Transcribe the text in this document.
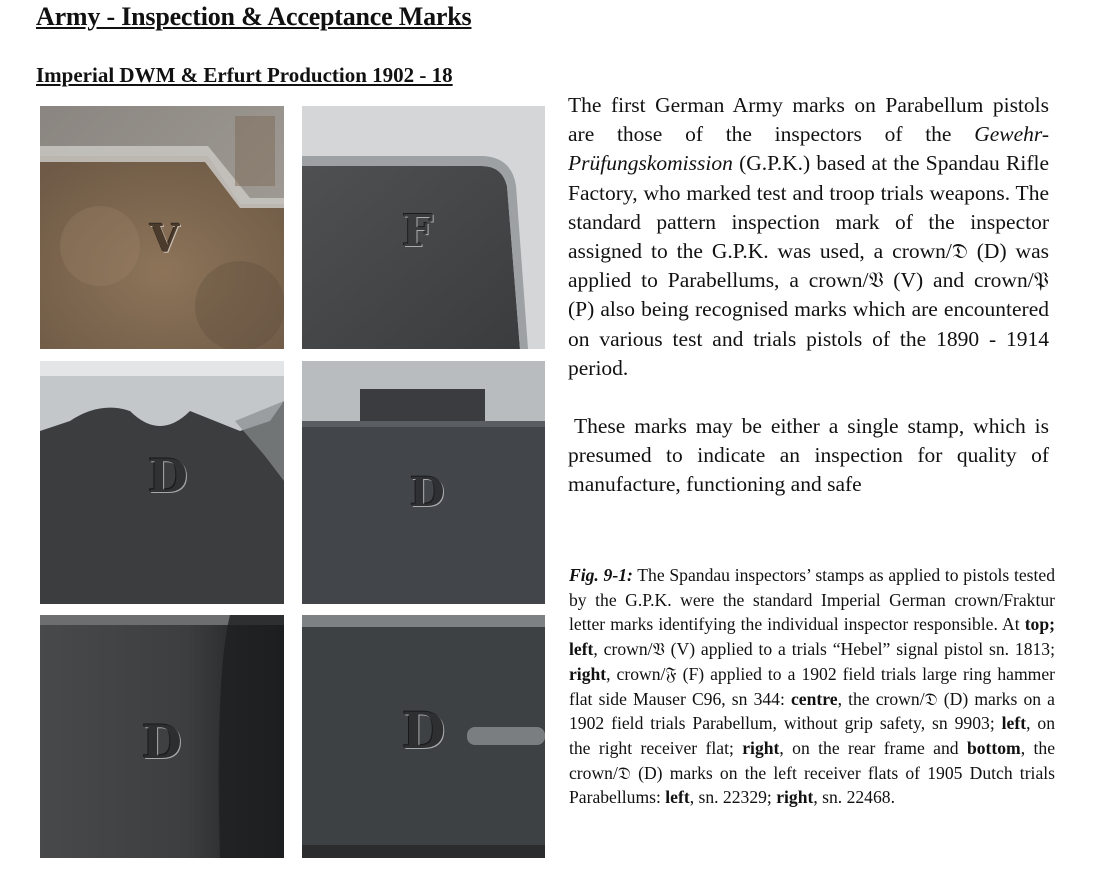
Army - Inspection & Acceptance Marks
Imperial DWM & Erfurt Production 1902 - 18
V	F
D	D
D	D

The first German Army marks on Parabellum pistols are those of the inspectors of the Gewehr-Prüfungskomission (G.P.K.) based at the Spandau Rifle Factory, who marked test and troop trials weapons. The standard pattern inspection mark of the inspector assigned to the G.P.K. was used, a crown/𝔇 (D) was applied to Parabellums, a crown/𝔙 (V) and crown/𝔓 (P) also being recognised marks which are encountered on various test and trials pistols of the 1890 - 1914 period.

These marks may be either a single stamp, which is presumed to indicate an inspection for quality of manufacture, functioning and safe

Fig. 9-1: The Spandau inspectors’ stamps as applied to pistols tested by the G.P.K. were the standard Imperial German crown/Fraktur letter marks identifying the individual inspector responsible. At top; left, crown/𝔙 (V) applied to a trials “Hebel” signal pistol sn. 1813; right, crown/𝔉 (F) applied to a 1902 field trials large ring hammer flat side Mauser C96, sn 344: centre, the crown/𝔇 (D) marks on a 1902 field trials Parabellum, without grip safety, sn 9903; left, on the right receiver flat; right, on the rear frame and bottom, the crown/𝔇 (D) marks on the left receiver flats of 1905 Dutch trials Parabellums: left, sn. 22329; right, sn. 22468.
